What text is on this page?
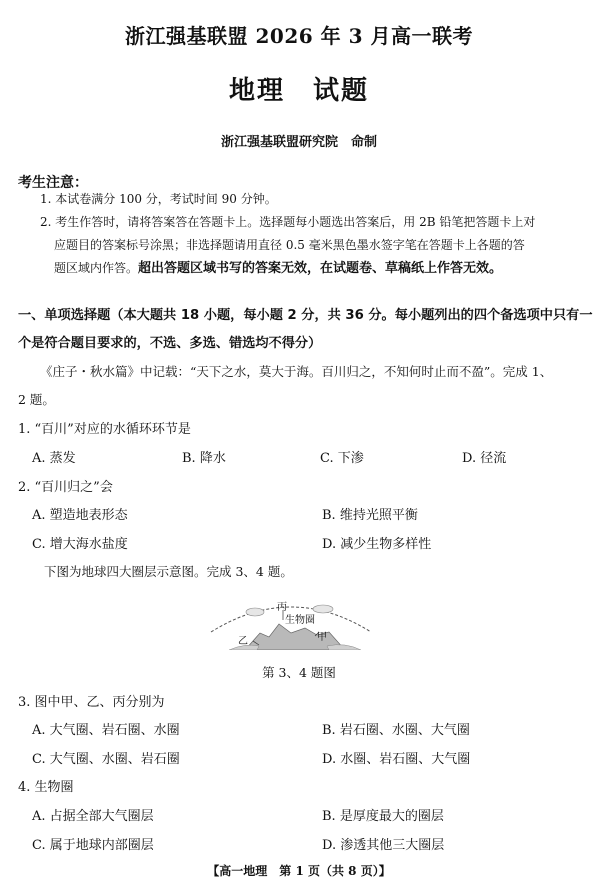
浙江强基联盟 2026 年 3 月高一联考
地理　试题
浙江强基联盟研究院　命制
考生注意：
1. 本试卷满分 100 分，考试时间 90 分钟。
2. 考生作答时，请将答案答在答题卡上。选择题每小题选出答案后，用 2B 铅笔把答题卡上对
应题目的答案标号涂黑；非选择题请用直径 0.5 毫米黑色墨水签字笔在答题卡上各题的答
题区域内作答。超出答题区域书写的答案无效，在试题卷、草稿纸上作答无效。
一、单项选择题（本大题共 18 小题，每小题 2 分，共 36 分。每小题列出的四个备选项中只有一
个是符合题目要求的，不选、多选、错选均不得分）
《庄子・秋水篇》中记载：“天下之水，莫大于海。百川归之，不知何时止而不盈”。完成 1、
2 题。
1. “百川”对应的水循环环节是
A. 蒸发	B. 降水	C. 下渗	D. 径流
2. “百川归之”会
A. 塑造地表形态	B. 维持光照平衡
C. 增大海水盐度	D. 减少生物多样性
下图为地球四大圈层示意图。完成 3、4 题。
丙
生物圈
乙	甲
第 3、4 题图
3. 图中甲、乙、丙分别为
A. 大气圈、岩石圈、水圈	B. 岩石圈、水圈、大气圈
C. 大气圈、水圈、岩石圈	D. 水圈、岩石圈、大气圈
4. 生物圈
A. 占据全部大气圈层	B. 是厚度最大的圈层
C. 属于地球内部圈层	D. 渗透其他三大圈层
【高一地理　第 1 页（共 8 页）】
